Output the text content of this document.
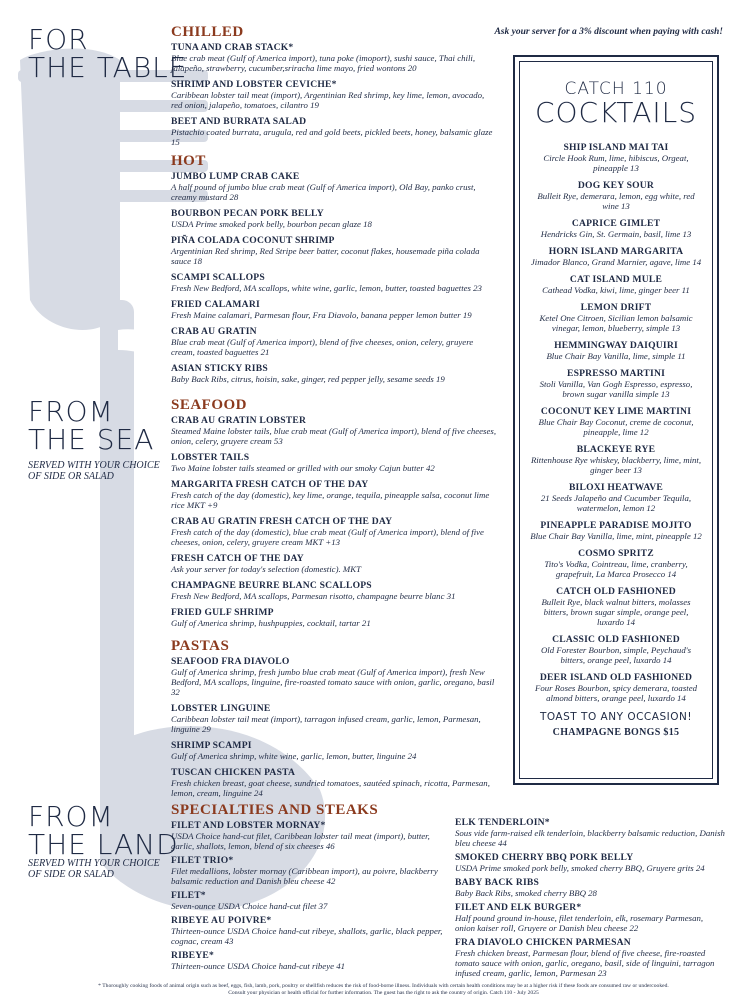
FOR
THE TABLE
FROM
THE SEA
SERVED WITH YOUR CHOICE OF SIDE OR SALAD
FROM
THE LAND
SERVED WITH YOUR CHOICE OF SIDE OR SALAD
Ask your server for a 3% discount when paying with cash!
CHILLED
TUNA AND CRAB STACK*
Blue crab meat (Gulf of America import), tuna poke (imoport), sushi sauce, Thai chili, jalapeño, strawberry, cucumber,sriracha lime mayo, fried wontons 20
SHRIMP AND LOBSTER CEVICHE*
Caribbean lobster tail meat (import), Argentinian Red shrimp, key lime, lemon, avocado, red onion, jalapeño, tomatoes, cilantro 19
BEET AND BURRATA SALAD
Pistachio coated burrata, arugula, red and gold beets, pickled beets, honey, balsamic glaze 15
HOT
JUMBO LUMP CRAB CAKE
A half pound of jumbo blue crab meat (Gulf of America import), Old Bay, panko crust, creamy mustard 28
BOURBON PECAN PORK BELLY
USDA Prime smoked pork belly, bourbon pecan glaze 18
PIÑA COLADA COCONUT SHRIMP
Argentinian Red shrimp, Red Stripe beer batter, coconut flakes, housemade piña colada sauce 18
SCAMPI SCALLOPS
Fresh New Bedford, MA scallops, white wine, garlic, lemon, butter, toasted baguettes 23
FRIED CALAMARI
Fresh Maine calamari, Parmesan flour, Fra Diavolo, banana pepper lemon butter 19
CRAB AU GRATIN
Blue crab meat (Gulf of America import), blend of five cheeses, onion, celery, gruyere cream, toasted baguettes 21
ASIAN STICKY RIBS
Baby Back Ribs, citrus, hoisin, sake, ginger, red pepper jelly, sesame seeds 19
SEAFOOD
CRAB AU GRATIN LOBSTER
Steamed Maine lobster tails, blue crab meat (Gulf of America import), blend of five cheeses, onion, celery, gruyere cream 53
LOBSTER TAILS
Two Maine lobster tails steamed or grilled with our smoky Cajun butter 42
MARGARITA FRESH CATCH OF THE DAY
Fresh catch of the day (domestic), key lime, orange, tequila, pineapple salsa, coconut lime rice MKT +9
CRAB AU GRATIN FRESH CATCH OF THE DAY
Fresh catch of the day (domestic), blue crab meat (Gulf of America import), blend of five cheeses, onion, celery, gruyere cream MKT +13
FRESH CATCH OF THE DAY
Ask your server for today's selection (domestic). MKT
CHAMPAGNE BEURRE BLANC SCALLOPS
Fresh New Bedford, MA scallops, Parmesan risotto, champagne beurre blanc 31
FRIED GULF SHRIMP
Gulf of America shrimp, hushpuppies, cocktail, tartar 21
PASTAS
SEAFOOD FRA DIAVOLO
Gulf of America shrimp, fresh jumbo blue crab meat (Gulf of America import), fresh New Bedford, MA scallops, linguine, fire-roasted tomato sauce with onion, garlic, oregano, basil 32
LOBSTER LINGUINE
Caribbean lobster tail meat (import), tarragon infused cream, garlic, lemon, Parmesan, linguine 29
SHRIMP SCAMPI
Gulf of America shrimp, white wine, garlic, lemon, butter, linguine 24
TUSCAN CHICKEN PASTA
Fresh chicken breast, goat cheese, sundried tomatoes, sautéed spinach, ricotta, Parmesan, lemon, cream, linguine 24
SPECIALTIES AND STEAKS
FILET AND LOBSTER MORNAY*
USDA Choice hand-cut filet, Caribbean lobster tail meat (import), butter, garlic, shallots, lemon, blend of six cheeses 46
FILET TRIO*
Filet medallions, lobster mornay (Caribbean import), au poivre, blackberry balsamic reduction and Danish bleu cheese 42
FILET*
Seven-ounce USDA Choice hand-cut filet 37
RIBEYE AU POIVRE*
Thirteen-ounce USDA Choice hand-cut ribeye, shallots, garlic, black pepper, cognac, cream 43
RIBEYE*
Thirteen-ounce USDA Choice hand-cut ribeye 41
ELK TENDERLOIN*
Sous vide farm-raised elk tenderloin, blackberry balsamic reduction, Danish bleu cheese 44
SMOKED CHERRY BBQ PORK BELLY
USDA Prime smoked pork belly, smoked cherry BBQ, Gruyere grits 24
BABY BACK RIBS
Baby Back Ribs, smoked cherry BBQ 28
FILET AND ELK BURGER*
Half pound ground in-house, filet tenderloin, elk, rosemary Parmesan, onion kaiser roll, Gruyere or Danish bleu cheese 22
FRA DIAVOLO CHICKEN PARMESAN
Fresh chicken breast, Parmesan flour, blend of five cheese, fire-roasted tomato sauce with onion, garlic, oregano, basil, side of linguini, tarragon infused cream, garlic, lemon, Parmesan 23
CATCH 110
COCKTAILS
SHIP ISLAND MAI TAI
Circle Hook Rum, lime, hibiscus, Orgeat, pineapple 13
DOG KEY SOUR
Bulleit Rye, demerara, lemon, egg white, red wine 13
CAPRICE GIMLET
Hendricks Gin, St. Germain, basil, lime 13
HORN ISLAND MARGARITA
Jimador Blanco, Grand Marnier, agave, lime 14
CAT ISLAND MULE
Cathead Vodka, kiwi, lime, ginger beer 11
LEMON DRIFT
Ketel One Citroen, Sicilian lemon balsamic vinegar, lemon, blueberry, simple 13
HEMMINGWAY DAIQUIRI
Blue Chair Bay Vanilla, lime, simple 11
ESPRESSO MARTINI
Stoli Vanilla, Van Gogh Espresso, espresso, brown sugar vanilla simple 13
COCONUT KEY LIME MARTINI
Blue Chair Bay Coconut, creme de coconut, pineapple, lime 12
BLACKEYE RYE
Rittenhouse Rye whiskey, blackberry, lime, mint, ginger beer 13
BILOXI HEATWAVE
21 Seeds Jalapeño and Cucumber Tequila, watermelon, lemon 12
PINEAPPLE PARADISE MOJITO
Blue Chair Bay Vanilla, lime, mint, pineapple 12
COSMO SPRITZ
Tito's Vodka, Cointreau, lime, cranberry, grapefruit, La Marca Prosecco 14
CATCH OLD FASHIONED
Bulleit Rye, black walnut bitters, molasses bitters, brown sugar simple, orange peel, luxardo 14
CLASSIC OLD FASHIONED
Old Forester Bourbon, simple, Peychaud's bitters, orange peel, luxardo 14
DEER ISLAND OLD FASHIONED
Four Roses Bourbon, spicy demerara, toasted almond bitters, orange peel, luxardo 14
TOAST TO ANY OCCASION!
CHAMPAGNE BONGS $15
* Thoroughly cooking foods of animal origin such as beef, eggs, fish, lamb, pork, poultry or shellfish reduces the risk of food-borne illness. Individuals with certain health conditions may be at a higher risk if these foods are consumed raw or undercooked.
Consult your physician or health official for further information. The guest has the right to ask the country of origin. Catch 110 - July 2025
